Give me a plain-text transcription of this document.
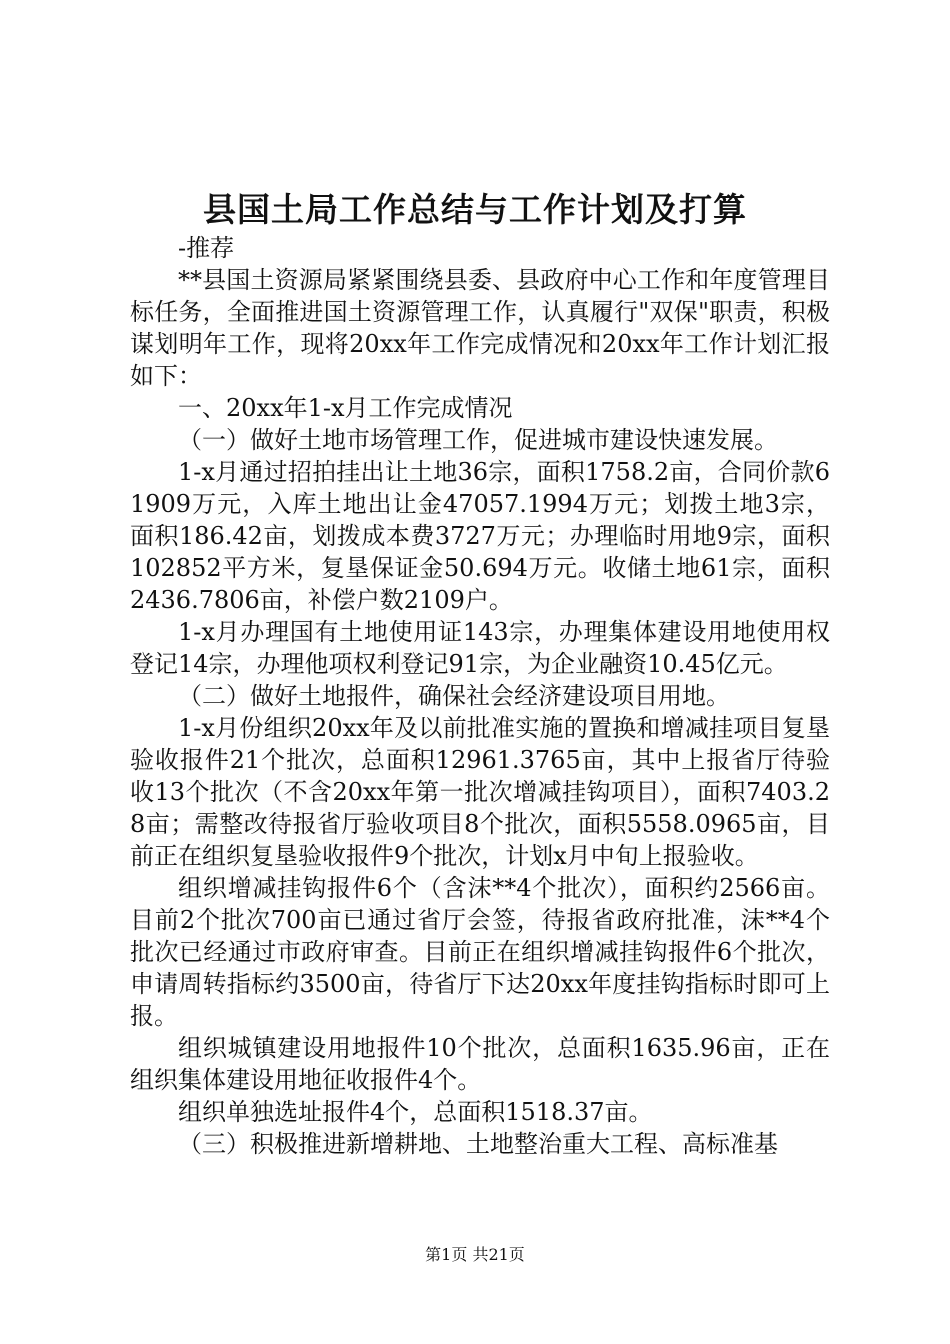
县国土局工作总结与工作计划及打算

-推荐

**县国土资源局紧紧围绕县委、县政府中心工作和年度管理目标任务，全面推进国土资源管理工作，认真履行"双保"职责，积极谋划明年工作，现将20xx年工作完成情况和20xx年工作计划汇报如下：

一、20xx年1-x月工作完成情况

（一）做好土地市场管理工作，促进城市建设快速发展。

1-x月通过招拍挂出让土地36宗，面积1758.2亩，合同价款61909万元，入库土地出让金47057.1994万元；划拨土地3宗，面积186.42亩，划拨成本费3727万元；办理临时用地9宗，面积102852平方米，复垦保证金50.694万元。收储土地61宗，面积2436.7806亩，补偿户数2109户。

1-x月办理国有土地使用证143宗，办理集体建设用地使用权登记14宗，办理他项权利登记91宗，为企业融资10.45亿元。

（二）做好土地报件，确保社会经济建设项目用地。

1-x月份组织20xx年及以前批准实施的置换和增减挂项目复垦验收报件21个批次，总面积12961.3765亩，其中上报省厅待验收13个批次（不含20xx年第一批次增减挂钩项目），面积7403.28亩；需整改待报省厅验收项目8个批次，面积5558.0965亩，目前正在组织复垦验收报件9个批次，计划x月中旬上报验收。

组织增减挂钩报件6个（含沫**4个批次），面积约2566亩。目前2个批次700亩已通过省厅会签，待报省政府批准，沫**4个批次已经通过市政府审查。目前正在组织增减挂钩报件6个批次，申请周转指标约3500亩，待省厅下达20xx年度挂钩指标时即可上报。

组织城镇建设用地报件10个批次，总面积1635.96亩，正在组织集体建设用地征收报件4个。

组织单独选址报件4个，总面积1518.37亩。

（三）积极推进新增耕地、土地整治重大工程、高标准基

第1页 共21页
